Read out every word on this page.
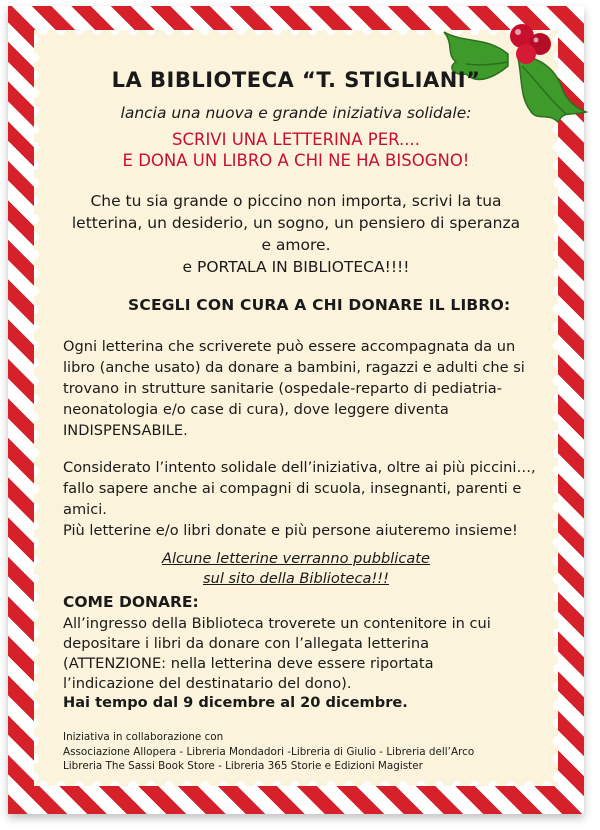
LA BIBLIOTECA “T. STIGLIANI”
lancia una nuova e grande iniziativa solidale:
SCRIVI UNA LETTERINA PER....
E DONA UN LIBRO A CHI NE HA BISOGNO!
Che tu sia grande o piccino non importa, scrivi la tua
letterina, un desiderio, un sogno, un pensiero di speranza
e amore.
e PORTALA IN BIBLIOTECA!!!!
SCEGLI CON CURA A CHI DONARE IL LIBRO:
Ogni letterina che scriverete può essere accompagnata da un
libro (anche usato) da donare a bambini, ragazzi e adulti che si
trovano in strutture sanitarie (ospedale-reparto di pediatria-
neonatologia e/o case di cura), dove leggere diventa
INDISPENSABILE.
Considerato l’intento solidale dell’iniziativa, oltre ai più piccini…,
fallo sapere anche ai compagni di scuola, insegnanti, parenti e
amici.
Più letterine e/o libri donate e più persone aiuteremo insieme!
Alcune letterine verranno pubblicate
sul sito della Biblioteca!!!
COME DONARE:
All’ingresso della Biblioteca troverete un contenitore in cui
depositare i libri da donare con l’allegata letterina
(ATTENZIONE: nella letterina deve essere riportata
l’indicazione del destinatario del dono).
Hai tempo dal 9 dicembre al 20 dicembre.
Iniziativa in collaborazione con
Associazione Allopera - Libreria Mondadori -Libreria di Giulio - Libreria dell’Arco
Libreria The Sassi Book Store - Libreria 365 Storie e Edizioni Magister
